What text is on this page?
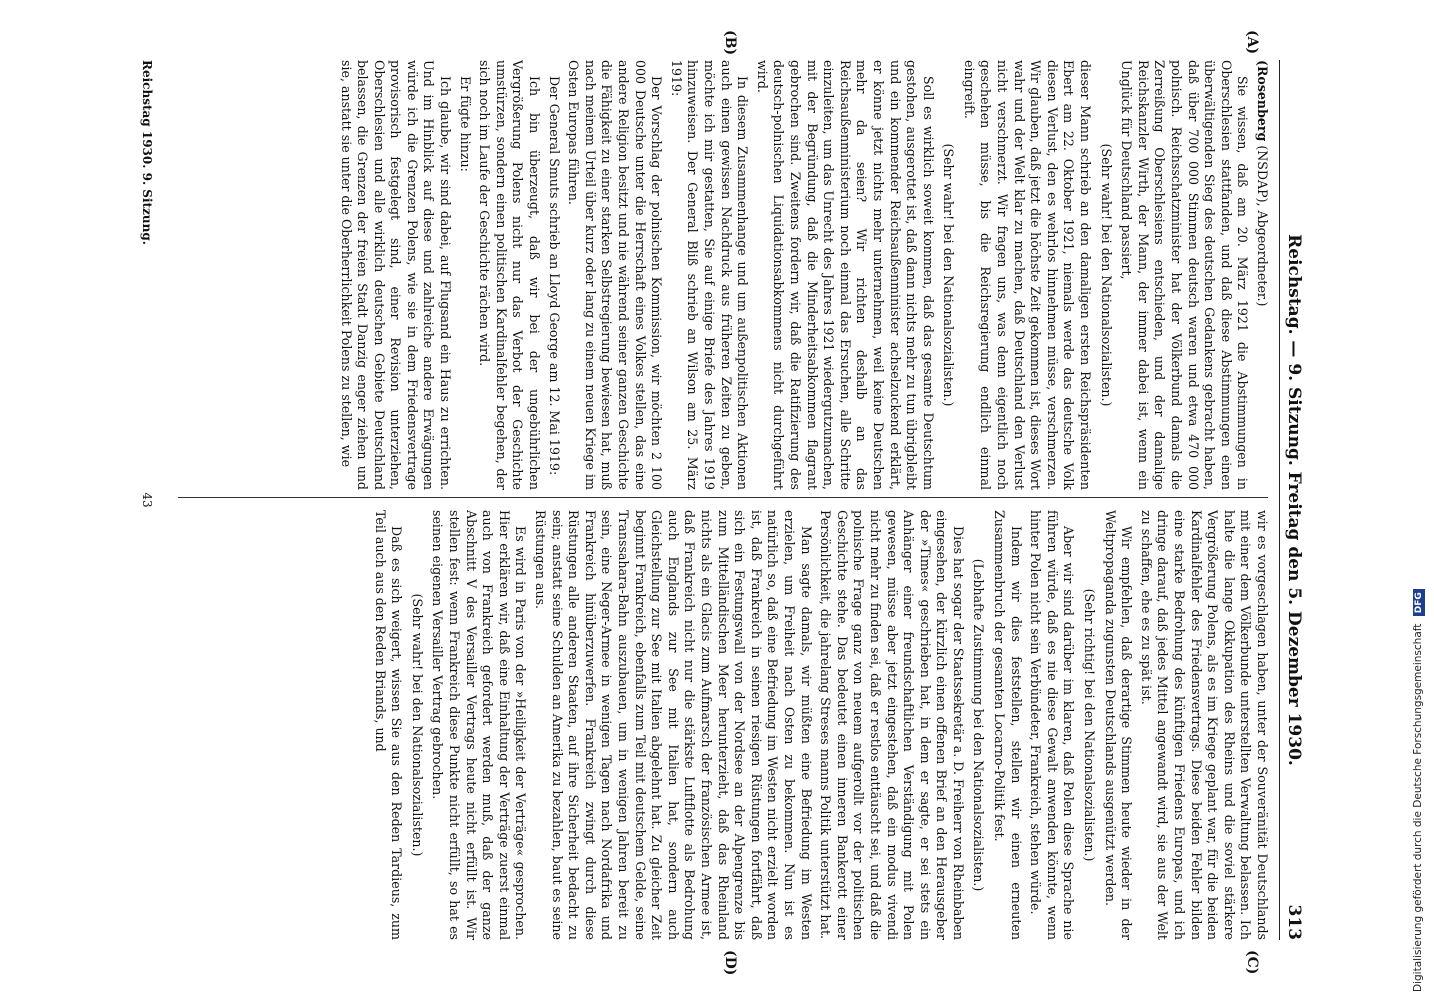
Reichstag. — 9. Sitzung. Freitag den 5. Dezember 1930.
313
(A)
(B)
(C)
(D)

(Rosenberg (NSDAP), Abgeordneter.)

Sie wissen, daß am 20. März 1921 die Abstimmungen in Oberschlesien stattfanden, und daß diese Abstimmungen einen überwältigenden Sieg des deutschen Gedankens gebracht haben, daß über 700 000 Stimmen deutsch waren und etwa 470 000 polnisch. Reichsschatzminister hat der Völkerbund damals die Zerreißung Oberschlesiens entschieden, und der damalige Reichskanzler Wirth, der Mann, der immer dabei ist, wenn ein Unglück für Deutschland passiert,

(Sehr wahr! bei den Nationalsozialisten.)

dieser Mann schrieb an den damaligen ersten Reichspräsidenten Ebert am 22. Oktober 1921, niemals werde das deutsche Volk diesen Verlust, den es wehrlos hinnehmen müsse, verschmerzen. Wir glauben, daß jetzt die höchste Zeit gekommen ist, dieses Wort wahr und der Welt klar zu machen, daß Deutschland den Verlust nicht verschmerzt. Wir fragen uns, was denn eigentlich noch geschehen müsse, bis die Reichsregierung endlich einmal eingreift.

(Sehr wahr! bei den Nationalsozialisten.)

Soll es wirklich soweit kommen, daß das gesamte Deutschtum gestohen, ausgerottet ist, daß dann nichts mehr zu tun übrigbleibt und ein kommender Reichsaußenminister achselzuckend erklärt, er könne jetzt nichts mehr unternehmen, weil keine Deutschen mehr da seien? Wir richten deshalb an das Reichsaußenministerium noch einmal das Ersuchen, alle Schritte einzuleiten, um das Unrecht des Jahres 1921 wiedergutzumachen, mit der Begründung, daß die Minderheitsabkommen flagrant gebrochen sind. Zweitens fordern wir, daß die Ratifizierung des deutsch-polnischen Liquidationsabkommens nicht durchgeführt wird.

In diesem Zusammenhange und um außenpolitischen Aktionen auch einen gewissen Nachdruck aus früheren Zeiten zu geben, möchte ich mir gestatten, Sie auf einige Briefe des Jahres 1919 hinzuweisen. Der General Bliß schrieb an Wilson am 25. März 1919:

Der Vorschlag der polnischen Kommission, wir möchten 2 100 000 Deutsche unter die Herrschaft eines Volkes stellen, das eine andere Religion besitzt und nie während seiner ganzen Geschichte die Fähigkeit zu einer starken Selbstregierung bewiesen hat, muß nach meinem Urteil über kurz oder lang zu einem neuen Kriege im Osten Europas führen.

Der General Smuts schrieb an Lloyd George am 12. Mai 1919:

Ich bin überzeugt, daß wir bei der ungebührlichen Vergrößerung Polens nicht nur das Verbot der Geschichte umstürzen, sondern einen politischen Kardinalfehler begehen, der sich noch im Laufe der Geschichte rächen wird.

Er fügte hinzu:

Ich glaube, wir sind dabei, auf Flugsand ein Haus zu errichten. Und im Hinblick auf diese und zahlreiche andere Erwägungen würde ich die Grenzen Polens, wie sie in dem Friedensvertrage provisorisch festgelegt sind, einer Revision unterziehen, Oberschlesien und alle wirklich deutschen Gebiete Deutschland belassen, die Grenzen der freien Stadt Danzig enger ziehen und sie, anstatt sie unter die Oberherrlichkeit Polens zu stellen, wie

wir es vorgeschlagen haben, unter der Souveränität Deutschlands mit einer dem Völkerbunde unterstellten Verwaltung belassen. Ich halte die lange Okkupation des Rheins und die soviel stärkere Vergrößerung Polens, als es im Kriege geplant war, für die beiden Kardinalfehler des Friedensvertrags. Diese beiden Fehler bilden eine starke Bedrohung des künftigen Friedens Europas, und ich dringe darauf, daß jedes Mittel angewandt wird, sie aus der Welt zu schaffen, ehe es zu spät ist.

Wir empfehlen, daß derartige Stimmen heute wieder in der Weltpropaganda zugunsten Deutschlands ausgenützt werden.

(Sehr richtig! bei den Nationalsozialisten.)

Aber wir sind darüber im klaren, daß Polen diese Sprache nie führen würde, daß es nie diese Gewalt anwenden könnte, wenn hinter Polen nicht sein Verbündeter, Frankreich, stehen würde.

Indem wir dies feststellen, stellen wir einen erneuten Zusammenbruch der gesamten Locarno-Politik fest.

(Lebhafte Zustimmung bei den Nationalsozialisten.)

Dies hat sogar der Staatssekretär a. D. Freiherr von Rheinbaben eingesehen, der kürzlich einen offenen Brief an den Herausgeber der »Times« geschrieben hat, in dem er sagte, er sei stets ein Anhänger einer freundschaftlichen Verständigung mit Polen gewesen, müsse aber jetzt eingestehen, daß ein modus vivendi nicht mehr zu finden sei, daß er restlos enttäuscht sei, und daß die polnische Frage ganz von neuem aufgerollt vor der politischen Geschichte stehe. Das bedeutet einen inneren Bankerott einer Persönlichkeit, die jahrelang Streses manns Politik unterstützt hat.

Man sagte damals, wir müßten eine Befriedung im Westen erzielen, um Freiheit nach Osten zu bekommen. Nun ist es natürlich so, daß eine Befriedung im Westen nicht erzielt worden ist, daß Frankreich in seinen riesigen Rüstungen fortfährt, daß sich ein Festungswall von der Nordsee an der Alpengrenze bis zum Mittelländischen Meer herunterzieht, daß das Rheinland nichts als ein Glacis zum Aufmarsch der französischen Armee ist, daß Frankreich nicht nur die stärkste Luftflotte als Bedrohung auch Englands zur See mit Italien hat, sondern auch Gleichstellung zur See mit Italien abgelehnt hat. Zu gleicher Zeit beginnt Frankreich, ebenfalls zum Teil mit deutschem Gelde, seine Transsahara-Bahn auszubauen, um in wenigen Jahren bereit zu sein, eine Neger-Armee in wenigen Tagen nach Nordafrika und Frankreich hinüberzuwerfen. Frankreich zwingt durch diese Rüstungen alle anderen Staaten, auf ihre Sicherheit bedacht zu sein; anstatt seine Schulden an Amerika zu bezahlen, baut es seine Rüstungen aus.

Es wird in Paris von der »Heiligkeit der Verträge« gesprochen. Hier erklären wir, daß eine Einhaltung der Verträge zuerst einmal auch von Frankreich gefordert werden muß, daß der ganze Abschnitt V des Versailler Vertrags heute nicht erfüllt ist. Wir stellen fest: wenn Frankreich diese Punkte nicht erfüllt, so hat es seinen eigenen Versailler Vertrag gebrochen.

(Sehr wahr! bei den Nationalsozialisten.)

Daß es sich weigert, wissen Sie aus den Reden Tardieus, zum Teil auch aus den Reden Briands, und

Reichstag 1930. 9. Sitzung.
43
Digitalisierung gefördert durch die Deutsche Forschungsgemeinschaft DFG
